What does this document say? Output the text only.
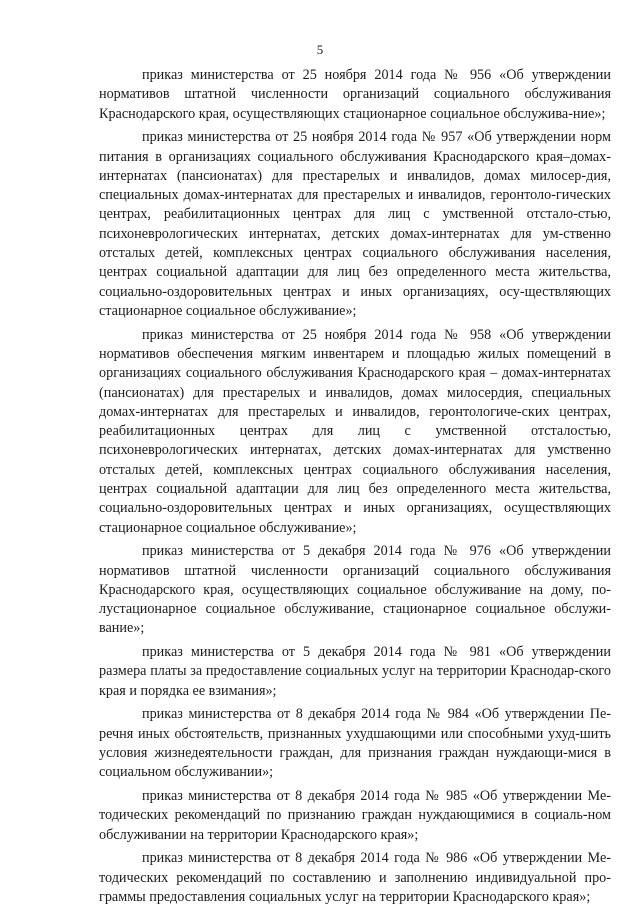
5

приказ министерства от 25 ноября 2014 года № 956 «Об утверждении нормативов штатной численности организаций социального обслуживания Краснодарского края, осуществляющих стационарное социальное обслужива-ние»;

приказ министерства от 25 ноября 2014 года № 957 «Об утверждении норм питания в организациях социального обслуживания Краснодарского края–домах-интернатах (пансионатах) для престарелых и инвалидов, домах милосер-дия, специальных домах-интернатах для престарелых и инвалидов, геронтоло-гических центрах, реабилитационных центрах для лиц с умственной отстало-стью, психоневрологических интернатах, детских домах-интернатах для ум-ственно отсталых детей, комплексных центрах социального обслуживания населения, центрах социальной адаптации для лиц без определенного места жительства, социально-оздоровительных центрах и иных организациях, осу-ществляющих стационарное социальное обслуживание»;

приказ министерства от 25 ноября 2014 года № 958 «Об утверждении нормативов обеспечения мягким инвентарем и площадью жилых помещений в организациях социального обслуживания Краснодарского края – домах-интернатах (пансионатах) для престарелых и инвалидов, домах милосердия, специальных домах-интернатах для престарелых и инвалидов, геронтологиче-ских центрах, реабилитационных центрах для лиц с умственной отсталостью, психоневрологических интернатах, детских домах-интернатах для умственно отсталых детей, комплексных центрах социального обслуживания населения, центрах социальной адаптации для лиц без определенного места жительства, социально-оздоровительных центрах и иных организациях, осуществляющих стационарное социальное обслуживание»;

приказ министерства от 5 декабря 2014 года № 976 «Об утверждении нормативов штатной численности организаций социального обслуживания Краснодарского края, осуществляющих социальное обслуживание на дому, по-лустационарное социальное обслуживание, стационарное социальное обслужи-вание»;

приказ министерства от 5 декабря 2014 года № 981 «Об утверждении размера платы за предоставление социальных услуг на территории Краснодар-ского края и порядка ее взимания»;

приказ министерства от 8 декабря 2014 года № 984 «Об утверждении Пе-речня иных обстоятельств, признанных ухудшающими или способными ухуд-шить условия жизнедеятельности граждан, для признания граждан нуждающи-мися в социальном обслуживании»;

приказ министерства от 8 декабря 2014 года № 985 «Об утверждении Ме-тодических рекомендаций по признанию граждан нуждающимися в социаль-ном обслуживании на территории Краснодарского края»;

приказ министерства от 8 декабря 2014 года № 986 «Об утверждении Ме-тодических рекомендаций по составлению и заполнению индивидуальной про-граммы предоставления социальных услуг на территории Краснодарского края»;
